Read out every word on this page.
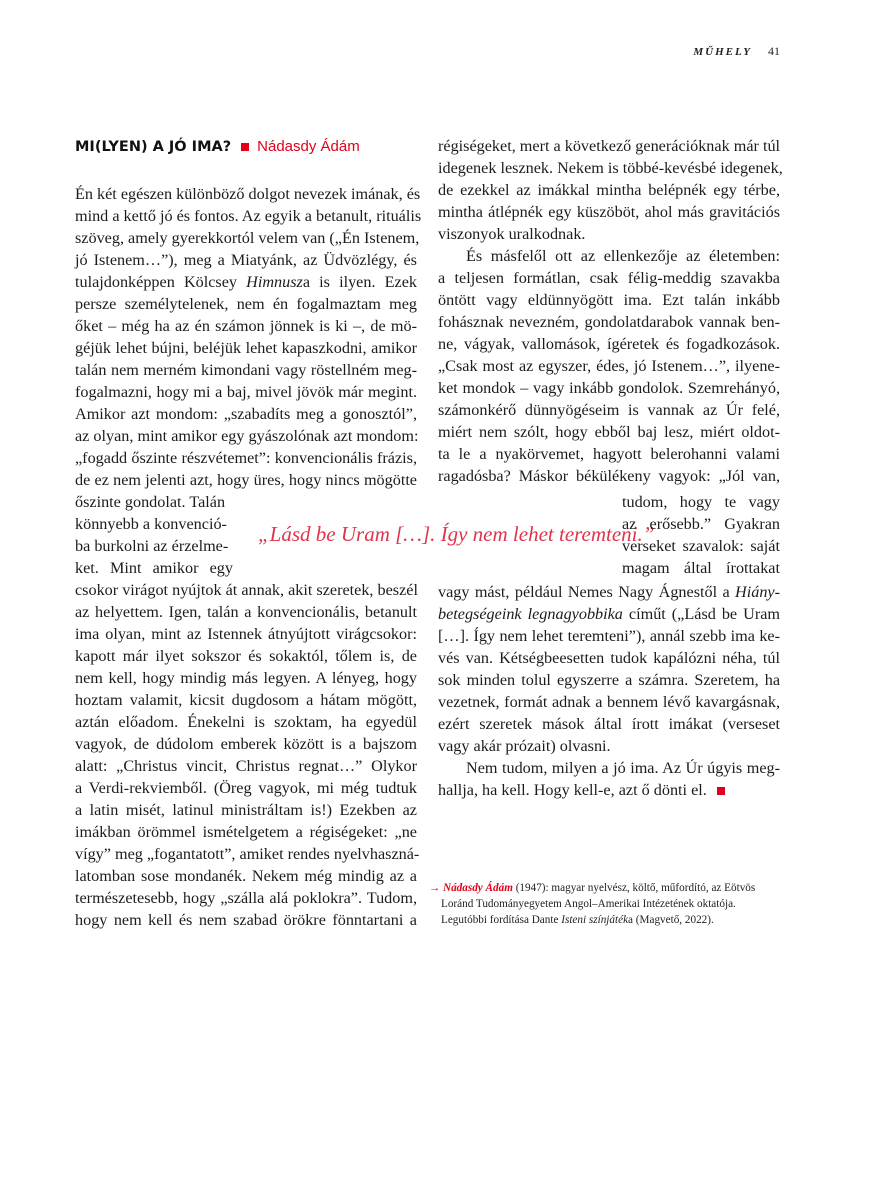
MŰHELY 41
MI(LYEN) A JÓ IMA? Nádasdy Ádám
Én két egészen különböző dolgot nevezek imának, és
mind a kettő jó és fontos. Az egyik a betanult, rituális
szöveg, amely gyerekkortól velem van („Én Istenem,
jó Istenem…”), meg a Miatyánk, az Üdvözlégy, és
tulajdonképpen Kölcsey Himnusza is ilyen. Ezek
persze személytelenek, nem én fogalmaztam meg
őket – még ha az én számon jönnek is ki –, de mö-
géjük lehet bújni, beléjük lehet kapaszkodni, amikor
talán nem merném kimondani vagy röstellném meg-
fogalmazni, hogy mi a baj, mivel jövök már megint.
Amikor azt mondom: „szabadíts meg a gonosztól”,
az olyan, mint amikor egy gyászolónak azt mondom:
„fogadd őszinte részvétemet”: konvencionális frázis,
de ez nem jelenti azt, hogy üres, hogy nincs mögötte
őszinte gondolat. Talán
könnyebb a konvenció-
ba burkolni az érzelme-
ket. Mint amikor egy
csokor virágot nyújtok át annak, akit szeretek, beszél
az helyettem. Igen, talán a konvencionális, betanult
ima olyan, mint az Istennek átnyújtott virágcsokor:
kapott már ilyet sokszor és sokaktól, tőlem is, de
nem kell, hogy mindig más legyen. A lényeg, hogy
hoztam valamit, kicsit dugdosom a hátam mögött,
aztán előadom. Énekelni is szoktam, ha egyedül
vagyok, de dúdolom emberek között is a bajszom
alatt: „Christus vincit, Christus regnat…” Olykor
a Verdi-rekviemből. (Öreg vagyok, mi még tudtuk
a latin misét, latinul ministráltam is!) Ezekben az
imákban örömmel ismételgetem a régiségeket: „ne
vígy” meg „fogantatott”, amiket rendes nyelvhaszná-
latomban sose mondanék. Nekem még mindig az a
természetesebb, hogy „szálla alá poklokra”. Tudom,
hogy nem kell és nem szabad örökre fönntartani a
„Lásd be Uram […]. Így nem lehet teremteni.”
régiségeket, mert a következő generációknak már túl
idegenek lesznek. Nekem is többé-kevésbé idegenek,
de ezekkel az imákkal mintha belépnék egy térbe,
mintha átlépnék egy küszöböt, ahol más gravitációs
viszonyok uralkodnak.
És másfelől ott az ellenkezője az életemben:
a teljesen formátlan, csak félig-meddig szavakba
öntött vagy eldünnyögött ima. Ezt talán inkább
fohásznak nevezném, gondolatdarabok vannak ben-
ne, vágyak, vallomások, ígéretek és fogadkozások.
„Csak most az egyszer, édes, jó Istenem…”, ilyene-
ket mondok – vagy inkább gondolok. Szemrehányó,
számonkérő dünnyögéseim is vannak az Úr felé,
miért nem szólt, hogy ebből baj lesz, miért oldot-
ta le a nyakörvemet, hagyott belerohanni valami
ragadósba? Máskor békülékeny vagyok: „Jól van,
tudom, hogy te vagy
az erősebb.” Gyakran
verseket szavalok: saját
magam által írottakat
vagy mást, például Nemes Nagy Ágnestől a Hiány-
betegségeink legnagyobbika címűt („Lásd be Uram
[…]. Így nem lehet teremteni”), annál szebb ima ke-
vés van. Kétségbeesetten tudok kapálózni néha, túl
sok minden tolul egyszerre a számra. Szeretem, ha
vezetnek, formát adnak a bennem lévő kavargásnak,
ezért szeretek mások által írott imákat (verseset
vagy akár prózait) olvasni.
Nem tudom, milyen a jó ima. Az Úr úgyis meg-
hallja, ha kell. Hogy kell-e, azt ő dönti el.
→ Nádasdy Ádám (1947): magyar nyelvész, költő, műfordító, az Eötvös
Loránd Tudományegyetem Angol–Amerikai Intézetének oktatója.
Legutóbbi fordítása Dante Isteni színjátéka (Magvető, 2022).
